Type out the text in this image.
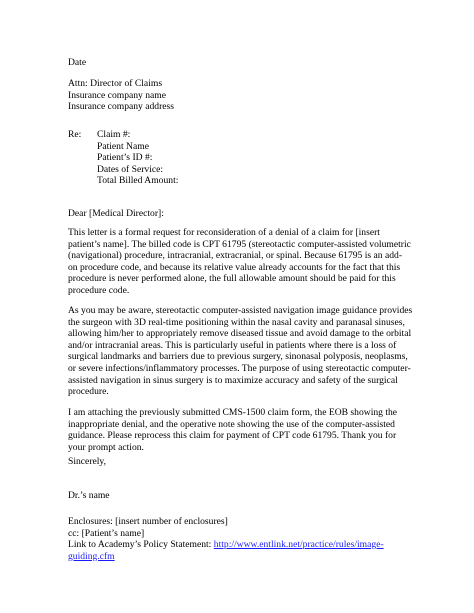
Date
Attn: Director of Claims
Insurance company name
Insurance company address
Re: Claim #:
Patient Name
Patient’s ID #:
Dates of Service:
Total Billed Amount:
Dear [Medical Director]:
This letter is a formal request for reconsideration of a denial of a claim for [insert
patient’s name]. The billed code is CPT 61795 (stereotactic computer-assisted volumetric
(navigational) procedure, intracranial, extracranial, or spinal. Because 61795 is an add-
on procedure code, and because its relative value already accounts for the fact that this
procedure is never performed alone, the full allowable amount should be paid for this
procedure code.
As you may be aware, stereotactic computer-assisted navigation image guidance provides
the surgeon with 3D real-time positioning within the nasal cavity and paranasal sinuses,
allowing him/her to appropriately remove diseased tissue and avoid damage to the orbital
and/or intracranial areas. This is particularly useful in patients where there is a loss of
surgical landmarks and barriers due to previous surgery, sinonasal polyposis, neoplasms,
or severe infections/inflammatory processes. The purpose of using stereotactic computer-
assisted navigation in sinus surgery is to maximize accuracy and safety of the surgical
procedure.
I am attaching the previously submitted CMS-1500 claim form, the EOB showing the
inappropriate denial, and the operative note showing the use of the computer-assisted
guidance. Please reprocess this claim for payment of CPT code 61795. Thank you for
your prompt action.
Sincerely,
Dr.’s name
Enclosures: [insert number of enclosures]
cc: [Patient’s name]
Link to Academy’s Policy Statement: http://www.entlink.net/practice/rules/image-
guiding.cfm
